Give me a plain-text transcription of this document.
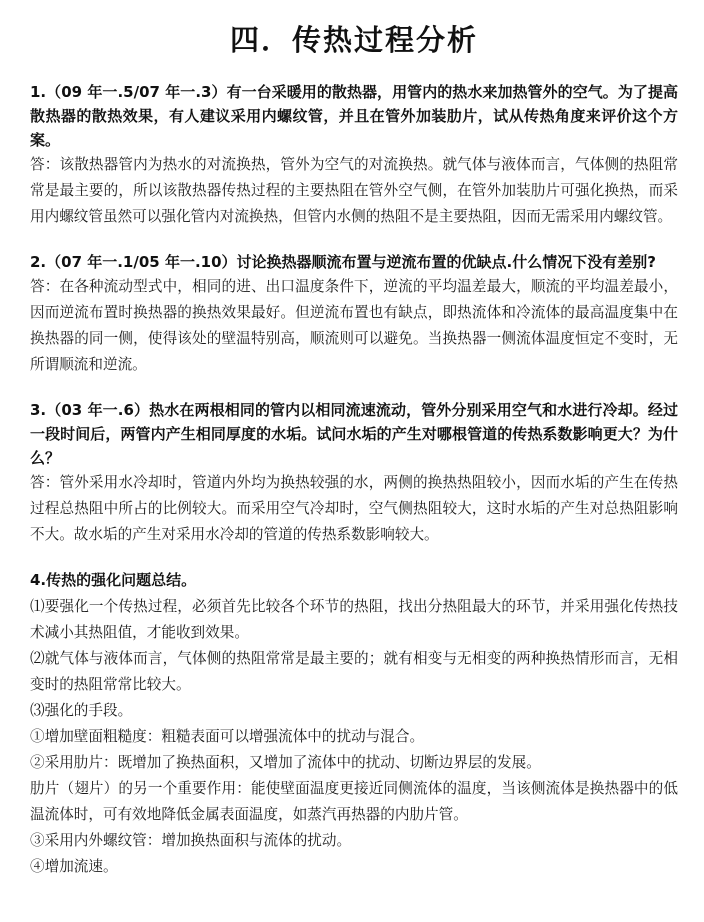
四．传热过程分析

1.（09 年一.5/07 年一.3）有一台采暖用的散热器，用管内的热水来加热管外的空气。为了提高散热器的散热效果，有人建议采用内螺纹管，并且在管外加装肋片，试从传热角度来评价这个方案。

答：该散热器管内为热水的对流换热，管外为空气的对流换热。就气体与液体而言，气体侧的热阻常常是最主要的，所以该散热器传热过程的主要热阻在管外空气侧，在管外加装肋片可强化换热，而采用内螺纹管虽然可以强化管内对流换热，但管内水侧的热阻不是主要热阻，因而无需采用内螺纹管。

2.（07 年一.1/05 年一.10）讨论换热器顺流布置与逆流布置的优缺点.什么情况下没有差别?

答：在各种流动型式中，相同的进、出口温度条件下，逆流的平均温差最大，顺流的平均温差最小，因而逆流布置时换热器的换热效果最好。但逆流布置也有缺点，即热流体和冷流体的最高温度集中在换热器的同一侧，使得该处的壁温特别高，顺流则可以避免。当换热器一侧流体温度恒定不变时，无所谓顺流和逆流。

3.（03 年一.6）热水在两根相同的管内以相同流速流动，管外分别采用空气和水进行冷却。经过一段时间后，两管内产生相同厚度的水垢。试问水垢的产生对哪根管道的传热系数影响更大？为什么？

答：管外采用水冷却时，管道内外均为换热较强的水，两侧的换热热阻较小，因而水垢的产生在传热过程总热阻中所占的比例较大。而采用空气冷却时，空气侧热阻较大，这时水垢的产生对总热阻影响不大。故水垢的产生对采用水冷却的管道的传热系数影响较大。

4.传热的强化问题总结。

⑴要强化一个传热过程，必须首先比较各个环节的热阻，找出分热阻最大的环节，并采用强化传热技术减小其热阻值，才能收到效果。

⑵就气体与液体而言，气体侧的热阻常常是最主要的；就有相变与无相变的两种换热情形而言，无相变时的热阻常常比较大。

⑶强化的手段。

①增加壁面粗糙度：粗糙表面可以增强流体中的扰动与混合。

②采用肋片：既增加了换热面积，又增加了流体中的扰动、切断边界层的发展。

肋片（翅片）的另一个重要作用：能使壁面温度更接近同侧流体的温度，当该侧流体是换热器中的低温流体时，可有效地降低金属表面温度，如蒸汽再热器的内肋片管。

③采用内外螺纹管：增加换热面积与流体的扰动。

④增加流速。
